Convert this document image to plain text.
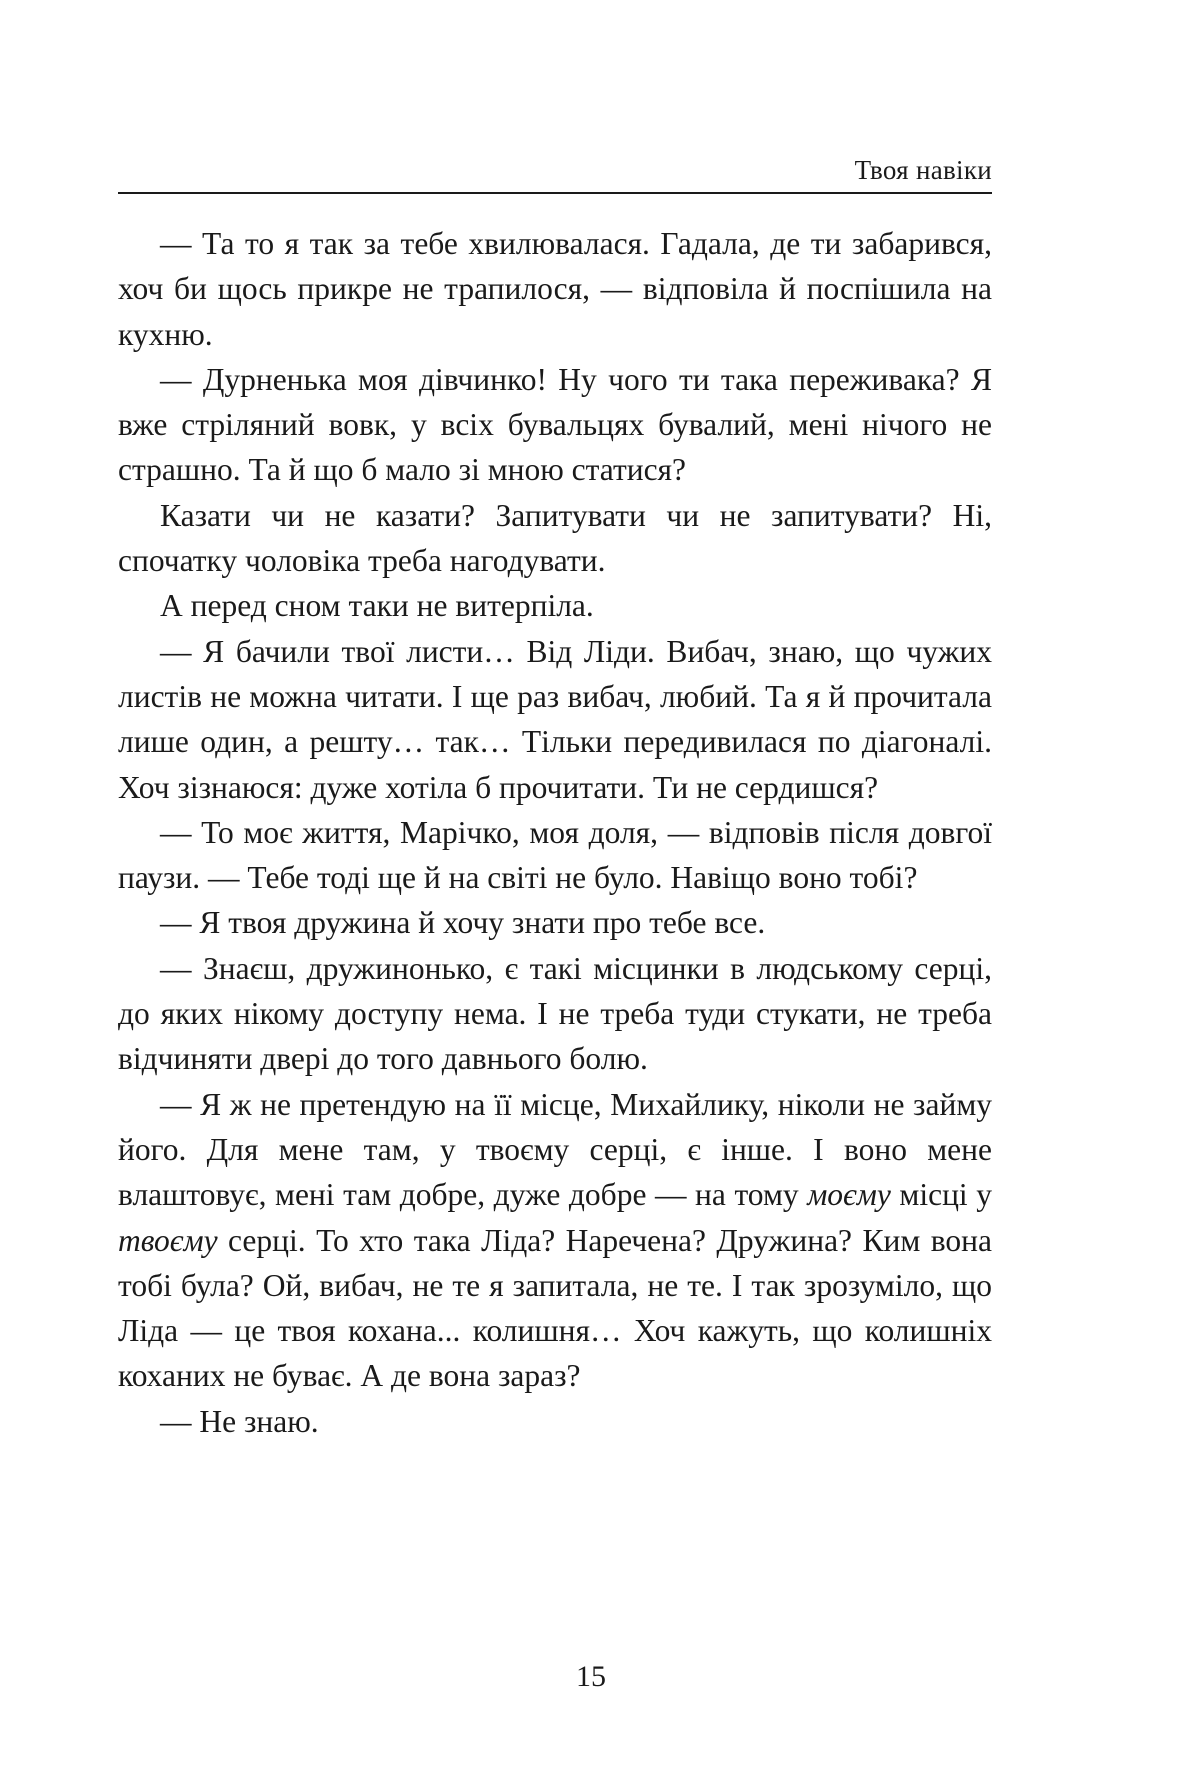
Твоя навіки

— Та то я так за тебе хвилювалася. Гадала, де ти забарився, хоч би щось прикре не трапилося, — відповіла й поспішила на кухню.

— Дурненька моя дівчинко! Ну чого ти така переживака? Я вже стріляний вовк, у всіх бувальцях бувалий, мені нічого не страшно. Та й що б мало зі мною статися?

Казати чи не казати? Запитувати чи не запитувати? Ні, спочатку чоловіка треба нагодувати.

А перед сном таки не витерпіла.

— Я бачили твої листи… Від Ліди. Вибач, знаю, що чужих листів не можна читати. І ще раз вибач, любий. Та я й прочитала лише один, а решту… так… Тільки передивилася по діагоналі. Хоч зізнаюся: дуже хотіла б прочитати. Ти не сердишся?

— То моє життя, Марічко, моя доля, — відповів після довгої паузи. — Тебе тоді ще й на світі не було. Навіщо воно тобі?

— Я твоя дружина й хочу знати про тебе все.

— Знаєш, дружинонько, є такі місцинки в людському серці, до яких нікому доступу нема. І не треба туди стукати, не треба відчиняти двері до того давнього болю.

— Я ж не претендую на її місце, Михайлику, ніколи не займу його. Для мене там, у твоєму серці, є інше. І воно мене влаштовує, мені там добре, дуже добре — на тому моєму місці у твоєму серці. То хто така Ліда? Наречена? Дружина? Ким вона тобі була? Ой, вибач, не те я запитала, не те. І так зрозуміло, що Ліда — це твоя кохана... колишня… Хоч кажуть, що колишніх коханих не буває. А де вона зараз?

— Не знаю.

15
